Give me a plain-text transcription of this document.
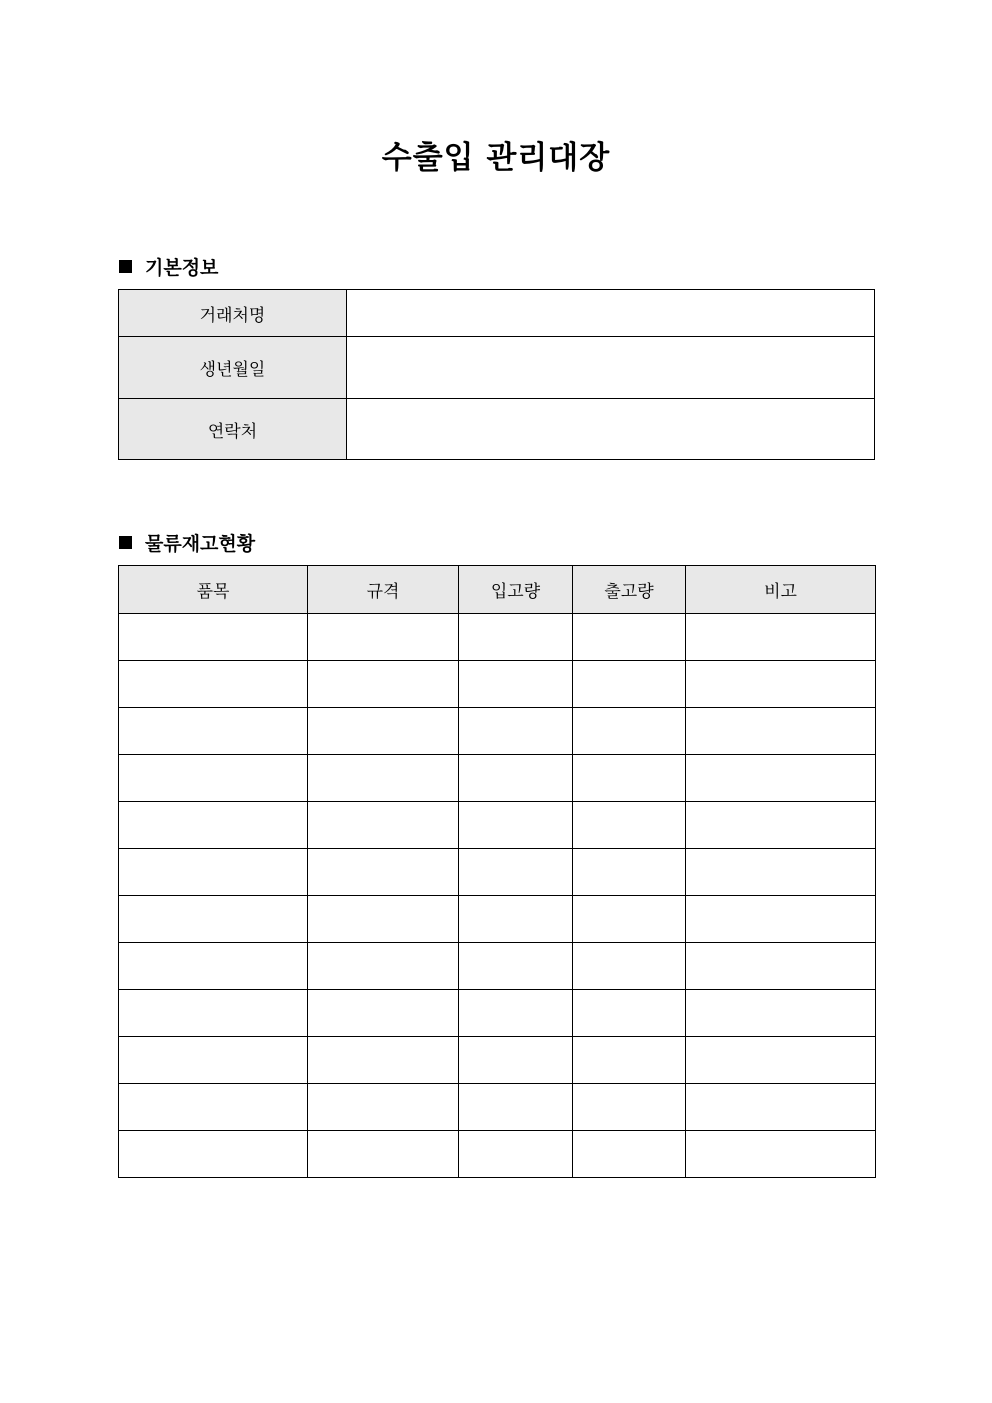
수출입 관리대장
기본정보
거래처명	
생년월일	
연락처	
물류재고현황
품목	규격	입고량	출고량	비고
